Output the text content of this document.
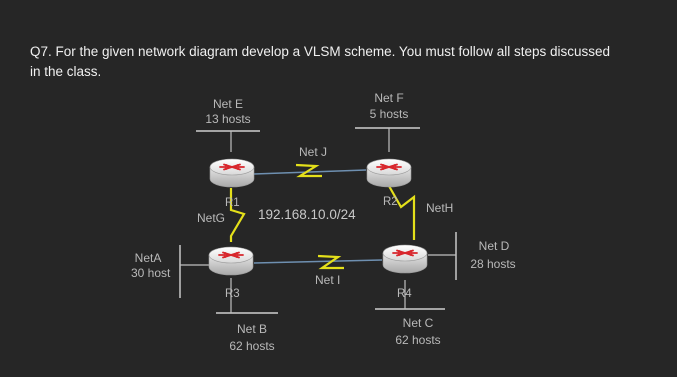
Q7. For the given network diagram develop a VLSM scheme. You must follow all steps discussed
in the class.

Net E
13 hosts
Net F
5 hosts
Net J
R1	R2
R3	R4
NetG 192.168.10.0/24	NetH
NetA
30 host
Net D
28 hosts
Net I
Net B
62 hosts
Net C
62 hosts
